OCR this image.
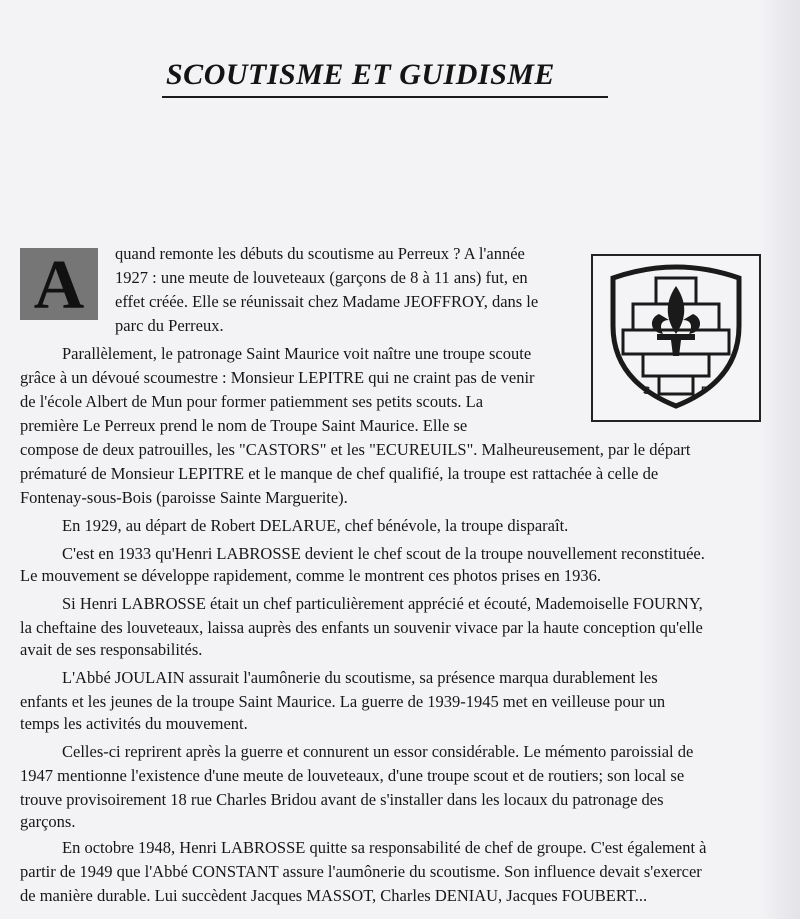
SCOUTISME ET GUIDISME
A
S	F

quand remonte les débuts du scoutisme au Perreux ? A l'année

1927 : une meute de louveteaux (garçons de 8 à 11 ans) fut, en

effet créée. Elle se réunissait chez Madame JEOFFROY, dans le

parc du Perreux.

Parallèlement, le patronage Saint Maurice voit naître une troupe scoute

grâce à un dévoué scoumestre : Monsieur LEPITRE qui ne craint pas de venir

de l'école Albert de Mun pour former patiemment ses petits scouts. La

première Le Perreux prend le nom de Troupe Saint Maurice. Elle se

compose de deux patrouilles, les "CASTORS" et les "ECUREUILS". Malheureusement, par le départ

prématuré de Monsieur LEPITRE et le manque de chef qualifié, la troupe est rattachée à celle de

Fontenay-sous-Bois (paroisse Sainte Marguerite).

En 1929, au départ de Robert DELARUE, chef bénévole, la troupe disparaît.

C'est en 1933 qu'Henri LABROSSE devient le chef scout de la troupe nouvellement reconstituée.

Le mouvement se développe rapidement, comme le montrent ces photos prises en 1936.

Si Henri LABROSSE était un chef particulièrement apprécié et écouté, Mademoiselle FOURNY,

la cheftaine des louveteaux, laissa auprès des enfants un souvenir vivace par la haute conception qu'elle

avait de ses responsabilités.

L'Abbé JOULAIN assurait l'aumônerie du scoutisme, sa présence marqua durablement les

enfants et les jeunes de la troupe Saint Maurice. La guerre de 1939-1945 met en veilleuse pour un

temps les activités du mouvement.

Celles-ci reprirent après la guerre et connurent un essor considérable. Le mémento paroissial de

1947 mentionne l'existence d'une meute de louveteaux, d'une troupe scout et de routiers; son local se

trouve provisoirement 18 rue Charles Bridou avant de s'installer dans les locaux du patronage des

garçons.

En octobre 1948, Henri LABROSSE quitte sa responsabilité de chef de groupe. C'est également à

partir de 1949 que l'Abbé CONSTANT assure l'aumônerie du scoutisme. Son influence devait s'exercer

de manière durable. Lui succèdent Jacques MASSOT, Charles DENIAU, Jacques FOUBERT...
